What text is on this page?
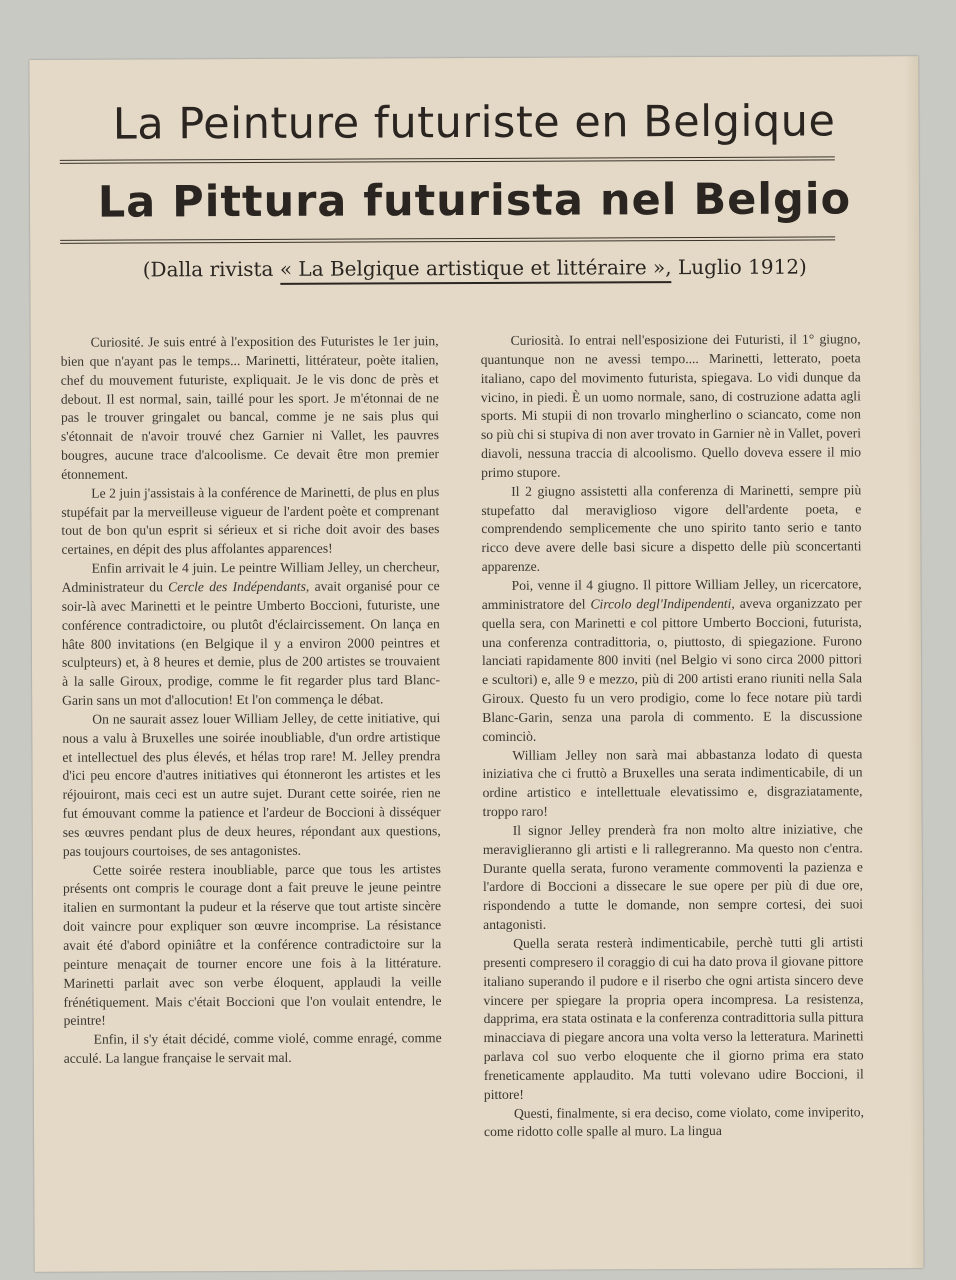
La Peinture futuriste en Belgique
La Pittura futurista nel Belgio
(Dalla rivista « La Belgique artistique et littéraire », Luglio 1912)

Curiosité. Je suis entré à l'exposition des Futuristes le 1er juin, bien que n'ayant pas le temps... Marinetti, littérateur, poète italien, chef du mouvement futuriste, expliquait. Je le vis donc de près et debout. Il est normal, sain, taillé pour les sport. Je m'étonnai de ne pas le trouver gringalet ou bancal, comme je ne sais plus qui s'étonnait de n'avoir trouvé chez Garnier ni Vallet, les pauvres bougres, aucune trace d'alcoolisme. Ce devait être mon premier étonnement.

Le 2 juin j'assistais à la conférence de Marinetti, de plus en plus stupéfait par la merveilleuse vigueur de l'ardent poète et comprenant tout de bon qu'un esprit si sérieux et si riche doit avoir des bases certaines, en dépit des plus affolantes apparences!

Enfin arrivait le 4 juin. Le peintre William Jelley, un chercheur, Administrateur du Cercle des Indépendants, avait organisé pour ce soir-là avec Marinetti et le peintre Umberto Boccioni, futuriste, une conférence contradictoire, ou plutôt d'éclaircissement. On lança en hâte 800 invitations (en Belgique il y a environ 2000 peintres et sculpteurs) et, à 8 heures et demie, plus de 200 artistes se trouvaient à la salle Giroux, prodige, comme le fit regarder plus tard Blanc-Garin sans un mot d'allocution! Et l'on commença le débat.

On ne saurait assez louer William Jelley, de cette initiative, qui nous a valu à Bruxelles une soirée inoubliable, d'un ordre artistique et intellectuel des plus élevés, et hélas trop rare! M. Jelley prendra d'ici peu encore d'autres initiatives qui étonneront les artistes et les réjouiront, mais ceci est un autre sujet. Durant cette soirée, rien ne fut émouvant comme la patience et l'ardeur de Boccioni à disséquer ses œuvres pendant plus de deux heures, répondant aux questions, pas toujours courtoises, de ses antagonistes.

Cette soirée restera inoubliable, parce que tous les artistes présents ont compris le courage dont a fait preuve le jeune peintre italien en surmontant la pudeur et la réserve que tout artiste sincère doit vaincre pour expliquer son œuvre incomprise. La résistance avait été d'abord opiniâtre et la conférence contradictoire sur la peinture menaçait de tourner encore une fois à la littérature. Marinetti parlait avec son verbe éloquent, applaudi la veille frénétiquement. Mais c'était Boccioni que l'on voulait entendre, le peintre!

Enfin, il s'y était décidé, comme violé, comme enragé, comme acculé. La langue française le servait mal.

Curiosità. Io entrai nell'esposizione dei Futuristi, il 1° giugno, quantunque non ne avessi tempo.... Marinetti, letterato, poeta italiano, capo del movimento futurista, spiegava. Lo vidi dunque da vicino, in piedi. È un uomo normale, sano, di costruzione adatta agli sports. Mi stupii di non trovarlo mingherlino o sciancato, come non so più chi si stupiva di non aver trovato in Garnier nè in Vallet, poveri diavoli, nessuna traccia di alcoolismo. Quello doveva essere il mio primo stupore.

Il 2 giugno assistetti alla conferenza di Marinetti, sempre più stupefatto dal meraviglioso vigore dell'ardente poeta, e comprendendo semplicemente che uno spirito tanto serio e tanto ricco deve avere delle basi sicure a dispetto delle più sconcertanti apparenze.

Poi, venne il 4 giugno. Il pittore William Jelley, un ricercatore, amministratore del Circolo degl'Indipendenti, aveva organizzato per quella sera, con Marinetti e col pittore Umberto Boccioni, futurista, una conferenza contradittoria, o, piuttosto, di spiegazione. Furono lanciati rapidamente 800 inviti (nel Belgio vi sono circa 2000 pittori e scultori) e, alle 9 e mezzo, più di 200 artisti erano riuniti nella Sala Giroux. Questo fu un vero prodigio, come lo fece notare più tardi Blanc-Garin, senza una parola di commento. E la discussione cominciò.

William Jelley non sarà mai abbastanza lodato di questa iniziativa che ci fruttò a Bruxelles una serata indimenticabile, di un ordine artistico e intellettuale elevatissimo e, disgraziatamente, troppo raro!

Il signor Jelley prenderà fra non molto altre iniziative, che meraviglieranno gli artisti e li rallegreranno. Ma questo non c'entra. Durante quella serata, furono veramente commoventi la pazienza e l'ardore di Boccioni a dissecare le sue opere per più di due ore, rispondendo a tutte le domande, non sempre cortesi, dei suoi antagonisti.

Quella serata resterà indimenticabile, perchè tutti gli artisti presenti compresero il coraggio di cui ha dato prova il giovane pittore italiano superando il pudore e il riserbo che ogni artista sincero deve vincere per spiegare la propria opera incompresa. La resistenza, dapprima, era stata ostinata e la conferenza contradittoria sulla pittura minacciava di piegare ancora una volta verso la letteratura. Marinetti parlava col suo verbo eloquente che il giorno prima era stato freneticamente applaudito. Ma tutti volevano udire Boccioni, il pittore!

Questi, finalmente, si era deciso, come violato, come inviperito, come ridotto colle spalle al muro. La lingua
